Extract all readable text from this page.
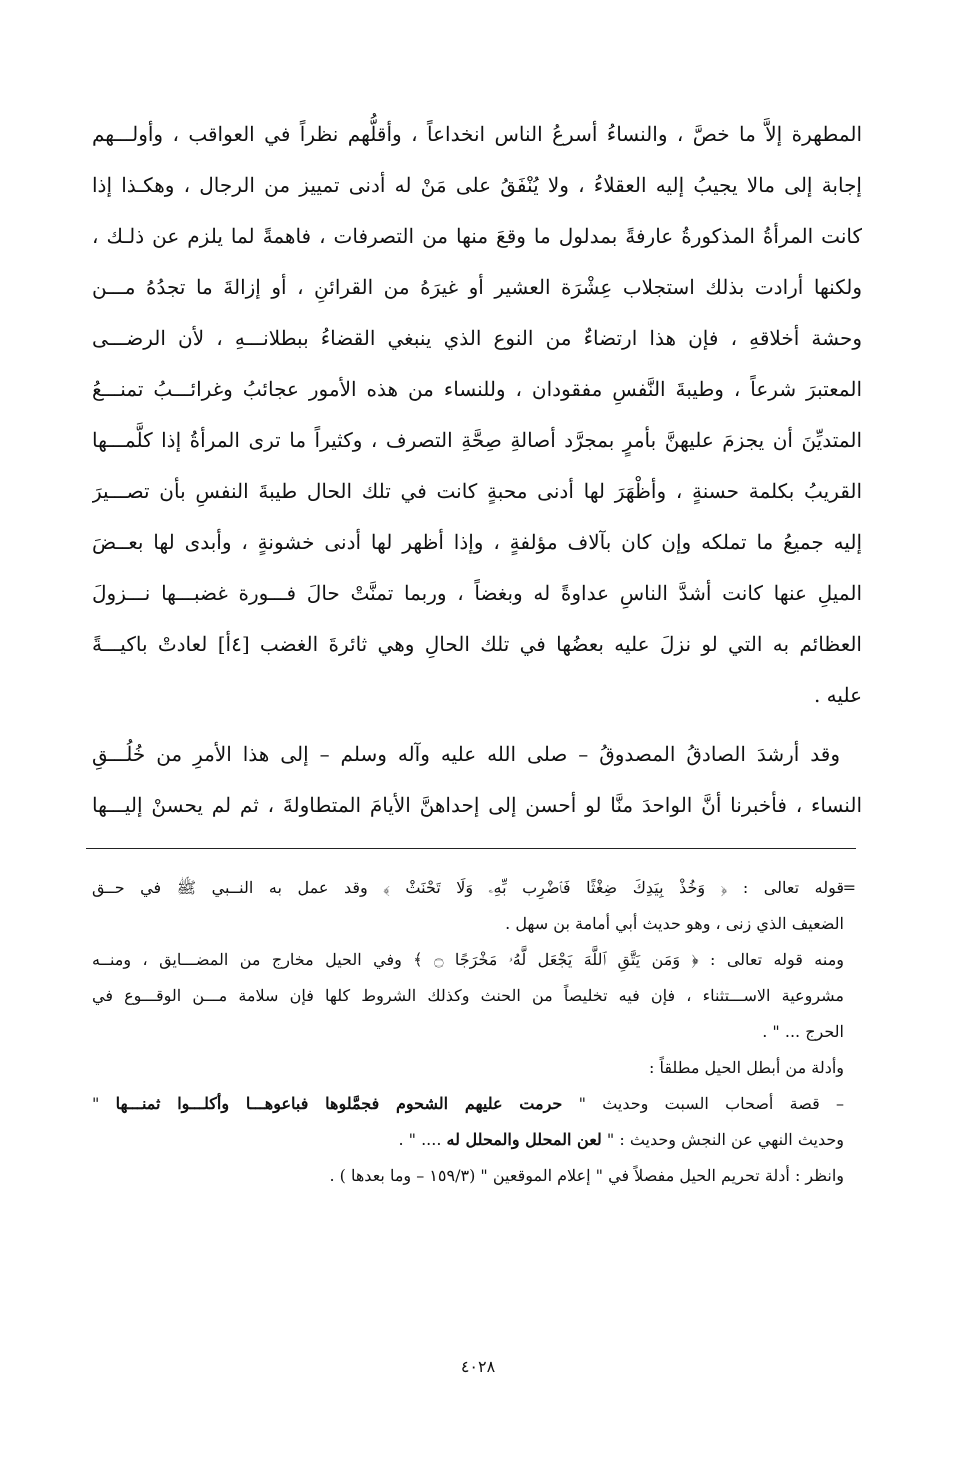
المطهرة إلاَّ ما خصَّ ، والنساءُ أسرعُ الناس انخداعاً ، وأقلُّهم نظراً في العواقب ، وأولـــهم
إجابة إلى مالا يجيبُ إليه العقلاءُ ، ولا يُنْفَقُ على مَنْ له أدنى تمييز من الرجال ، وهكـذا إذا
كانت المرأةُ المذكورةُ عارفةً بمدلول ما وقعَ منها من التصرفات ، فاهمةً لما يلزم عن ذلـك ،
ولكنها أرادت بذلك استجلاب عِشْرَة العشير أو غيرَهُ من القرائنِ ، أو إزالةَ ما تجدُهُ مـــن
وحشة أخلاقهِ ، فإن هذا ارتضاءٌ من النوع الذي ينبغي القضاءُ ببطلانـــهِ ، لأن الرضـــى
المعتبرَ شرعاً ، وطيبةَ النَّفسِ مفقودان ، وللنساء من هذه الأمور عجائبُ وغرائـــبُ تمنـــعُ
المتديِّنَ أن يجزمَ عليهنَّ بأمرٍ بمجرَّد أصالةِ صِحَّةِ التصرف ، وكثيراً ما ترى المرأةُ إذا كلَّمـــها
القريبُ بكلمة حسنةٍ ، وأظْهَرَ لها أدنى محبةٍ كانت في تلك الحال طيبةَ النفسِ بأن تصـــيرَ
إليه جميعُ ما تملكه وإن كان بآلاف مؤلفةٍ ، وإذا أظهر لها أدنى خشونةٍ ، وأبدى لها بعــضَ
الميلِ عنها كانت أشدَّ الناسِ عداوةً له وبغضاً ، وربما تمنَّتْ حالَ فـــورة غضبـــها نـــزولَ
العظائم به التي لو نزلَ عليه بعضُها في تلك الحالِ وهي ثائرةَ الغضب [٤أ] لعادتْ باكيـــةً
عليه .
وقد أرشدَ الصادقُ المصدوقُ – صلى الله عليه وآله وسلم – إلى هذا الأمرِ من خُلُـــقِ
النساء ، فأخبرنا أنَّ الواحدَ منَّا لو أحسن إلى إحداهنَّ الأيامَ المتطاولةَ ، ثم لم يحسنْ إليـــها
=
قوله تعالى : ﴿ وَخُذْ بِيَدِكَ ضِغْثًا فَٱضْرِب بِّهِۦ وَلَا تَحْنَثْ ﴾ وقد عمل به النــبي ﷺ في حــق
الضعيف الذي زنى ، وهو حديث أبي أمامة بن سهل .
ومنه قوله تعالى : ﴿ وَمَن يَتَّقِ ٱللَّهَ يَجْعَل لَّهُۥ مَخْرَجًا ۝ ﴾ وفي الحيل مخارج من المضـــايق ، ومنــه
مشروعية الاســـتثناء ، فإن فيه تخليصاً من الحنث وكذلك الشروط كلها فإن سلامة مـــن الوقـــوع في
الحرج ... " .
وأدلة من أبطل الحيل مطلقاً :
– قصة أصحاب السبت وحديث " حرمت عليهم الشحوم فجمَّلوها فباعوهـــا وأكلـــوا ثمنـــها "
وحديث النهي عن النجش وحديث : " لعن المحلل والمحلل له .... " .
وانظر : أدلة تحريم الحيل مفصلاً في " إعلام الموقعين " (١٥٩/٣ – وما بعدها ) .
٤٠٢٨
